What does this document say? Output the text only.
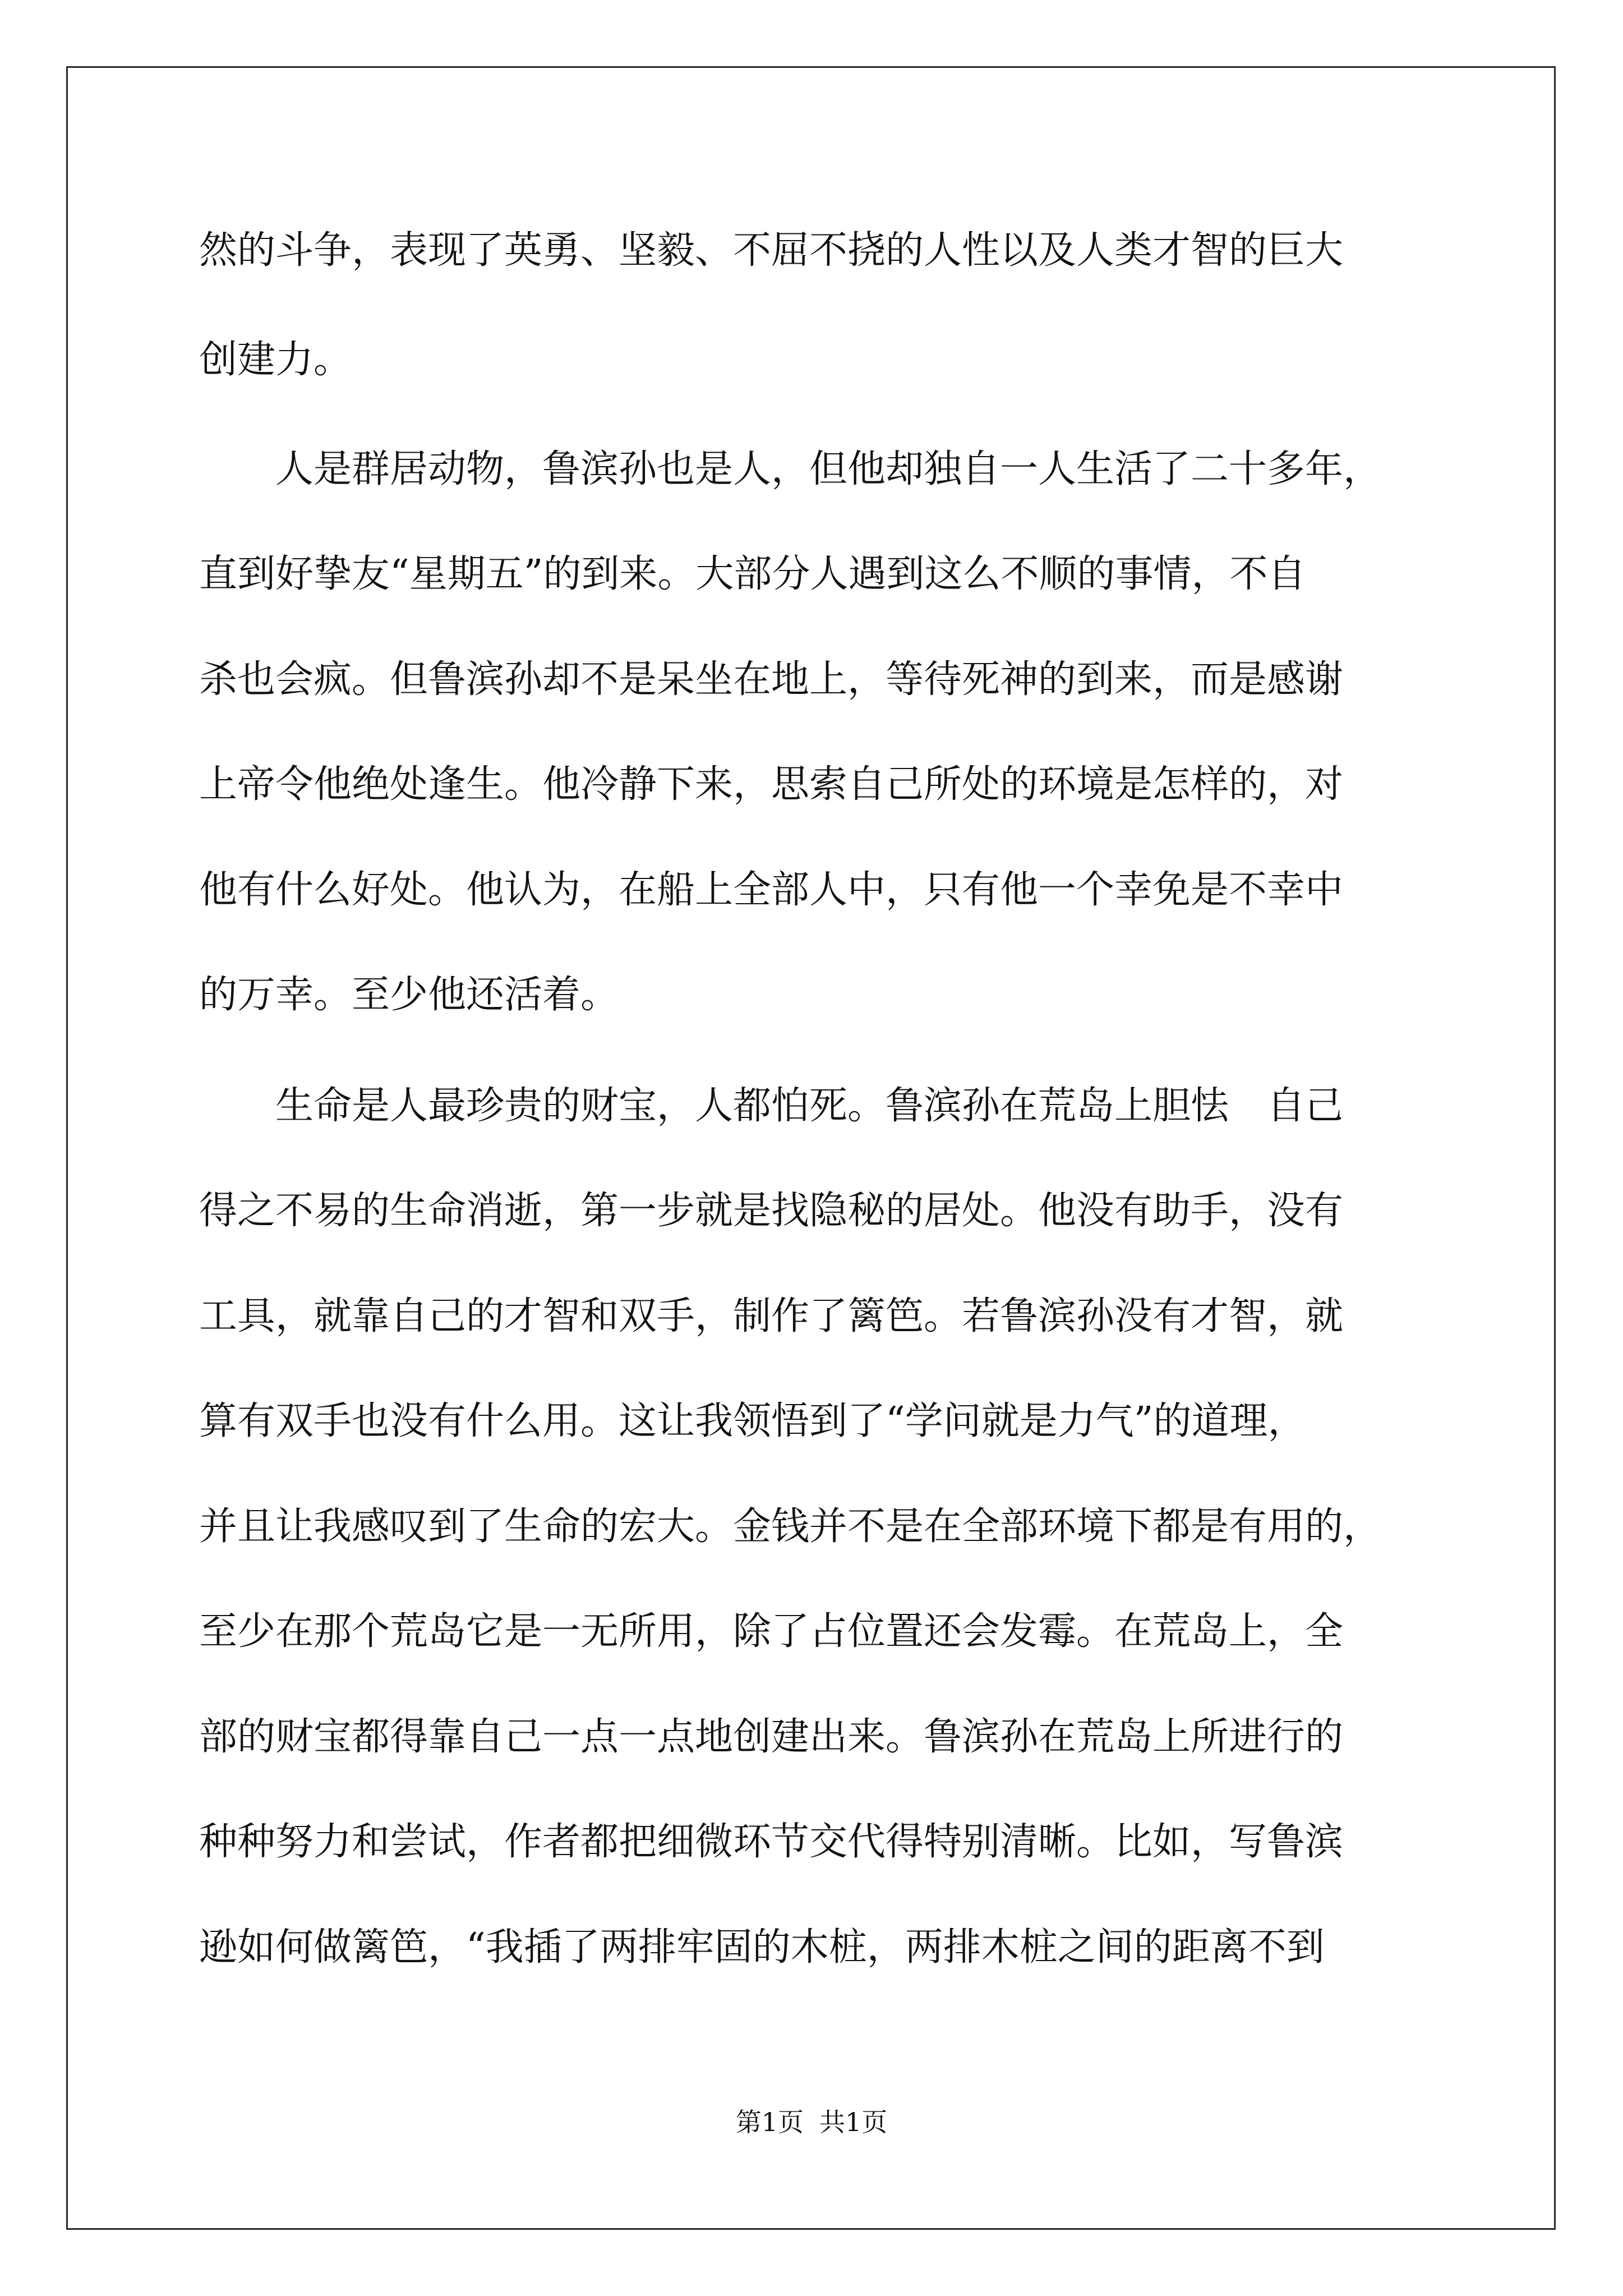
然的斗争，表现了英勇、坚毅、不屈不挠的人性以及人类才智的巨大
创建力。
　　人是群居动物，鲁滨孙也是人，但他却独自一人生活了二十多年，
直到好挚友“星期五”的到来。大部分人遇到这么不顺的事情，不自
杀也会疯。但鲁滨孙却不是呆坐在地上，等待死神的到来，而是感谢
上帝令他绝处逢生。他冷静下来，思索自己所处的环境是怎样的，对
他有什么好处。他认为，在船上全部人中，只有他一个幸免是不幸中
的万幸。至少他还活着。
　　生命是人最珍贵的财宝，人都怕死。鲁滨孙在荒岛上胆怯　自己
得之不易的生命消逝，第一步就是找隐秘的居处。他没有助手，没有
工具，就靠自己的才智和双手，制作了篱笆。若鲁滨孙没有才智，就
算有双手也没有什么用。这让我领悟到了“学问就是力气”的道理，
并且让我感叹到了生命的宏大。金钱并不是在全部环境下都是有用的，
至少在那个荒岛它是一无所用，除了占位置还会发霉。在荒岛上，全
部的财宝都得靠自己一点一点地创建出来。鲁滨孙在荒岛上所进行的
种种努力和尝试，作者都把细微环节交代得特别清晰。比如，写鲁滨
逊如何做篱笆，“我插了两排牢固的木桩，两排木桩之间的距离不到
第1页 共1页
